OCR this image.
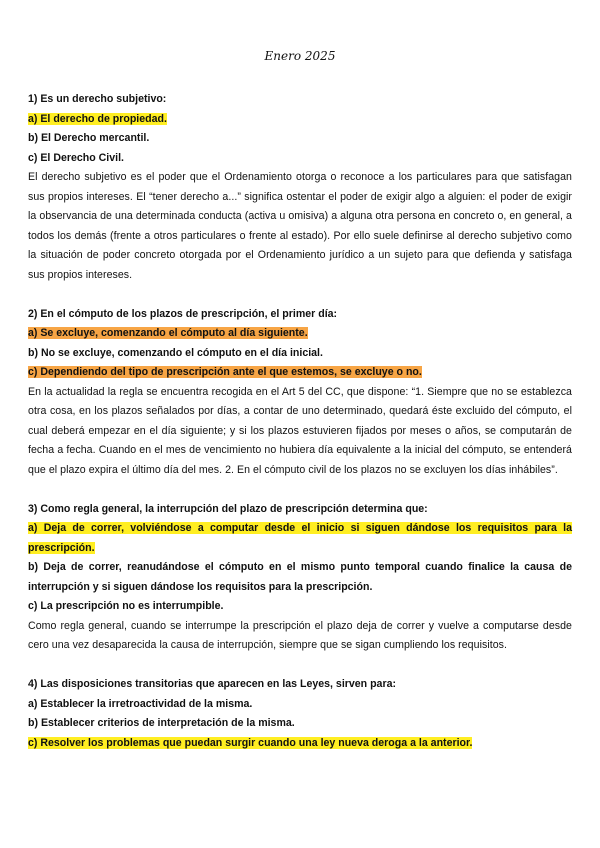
Enero 2025

1) Es un derecho subjetivo:

a) El derecho de propiedad.

b) El Derecho mercantil.

c) El Derecho Civil.

El derecho subjetivo es el poder que el Ordenamiento otorga o reconoce a los particulares para que satisfagan sus propios intereses. El “tener derecho a...” significa ostentar el poder de exigir algo a alguien: el poder de exigir la observancia de una determinada conducta (activa u omisiva) a alguna otra persona en concreto o, en general, a todos los demás (frente a otros particulares o frente al estado). Por ello suele definirse al derecho subjetivo como la situación de poder concreto otorgada por el Ordenamiento jurídico a un sujeto para que defienda y satisfaga sus propios intereses.

2) En el cómputo de los plazos de prescripción, el primer día:

a) Se excluye, comenzando el cómputo al día siguiente.

b) No se excluye, comenzando el cómputo en el día inicial.

c) Dependiendo del tipo de prescripción ante el que estemos, se excluye o no.

En la actualidad la regla se encuentra recogida en el Art 5 del CC, que dispone: “1. Siempre que no se establezca otra cosa, en los plazos señalados por días, a contar de uno determinado, quedará éste excluido del cómputo, el cual deberá empezar en el día siguiente; y si los plazos estuvieren fijados por meses o años, se computarán de fecha a fecha. Cuando en el mes de vencimiento no hubiera día equivalente a la inicial del cómputo, se entenderá que el plazo expira el último día del mes. 2. En el cómputo civil de los plazos no se excluyen los días inhábiles”.

3) Como regla general, la interrupción del plazo de prescripción determina que:

a) Deja de correr, volviéndose a computar desde el inicio si siguen dándose los requisitos para la prescripción.

b) Deja de correr, reanudándose el cómputo en el mismo punto temporal cuando finalice la causa de interrupción y si siguen dándose los requisitos para la prescripción.

c) La prescripción no es interrumpible.

Como regla general, cuando se interrumpe la prescripción el plazo deja de correr y vuelve a computarse desde cero una vez desaparecida la causa de interrupción, siempre que se sigan cumpliendo los requisitos.

4) Las disposiciones transitorias que aparecen en las Leyes, sirven para:

a) Establecer la irretroactividad de la misma.

b) Establecer criterios de interpretación de la misma.

c) Resolver los problemas que puedan surgir cuando una ley nueva deroga a la anterior.
